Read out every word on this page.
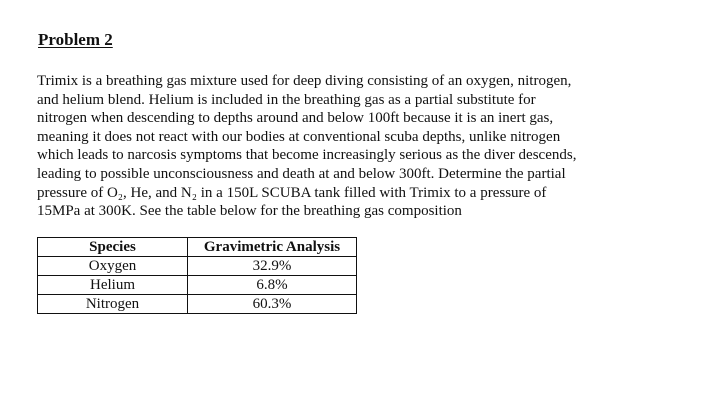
Problem 2
Trimix is a breathing gas mixture used for deep diving consisting of an oxygen, nitrogen,
and helium blend. Helium is included in the breathing gas as a partial substitute for
nitrogen when descending to depths around and below 100ft because it is an inert gas,
meaning it does not react with our bodies at conventional scuba depths, unlike nitrogen
which leads to narcosis symptoms that become increasingly serious as the diver descends,
leading to possible unconsciousness and death at and below 300ft. Determine the partial
pressure of O₂, He, and N₂ in a 150L SCUBA tank filled with Trimix to a pressure of
15MPa at 300K. See the table below for the breathing gas composition
Species	Gravimetric Analysis
Oxygen	32.9%
Helium	6.8%
Nitrogen	60.3%
